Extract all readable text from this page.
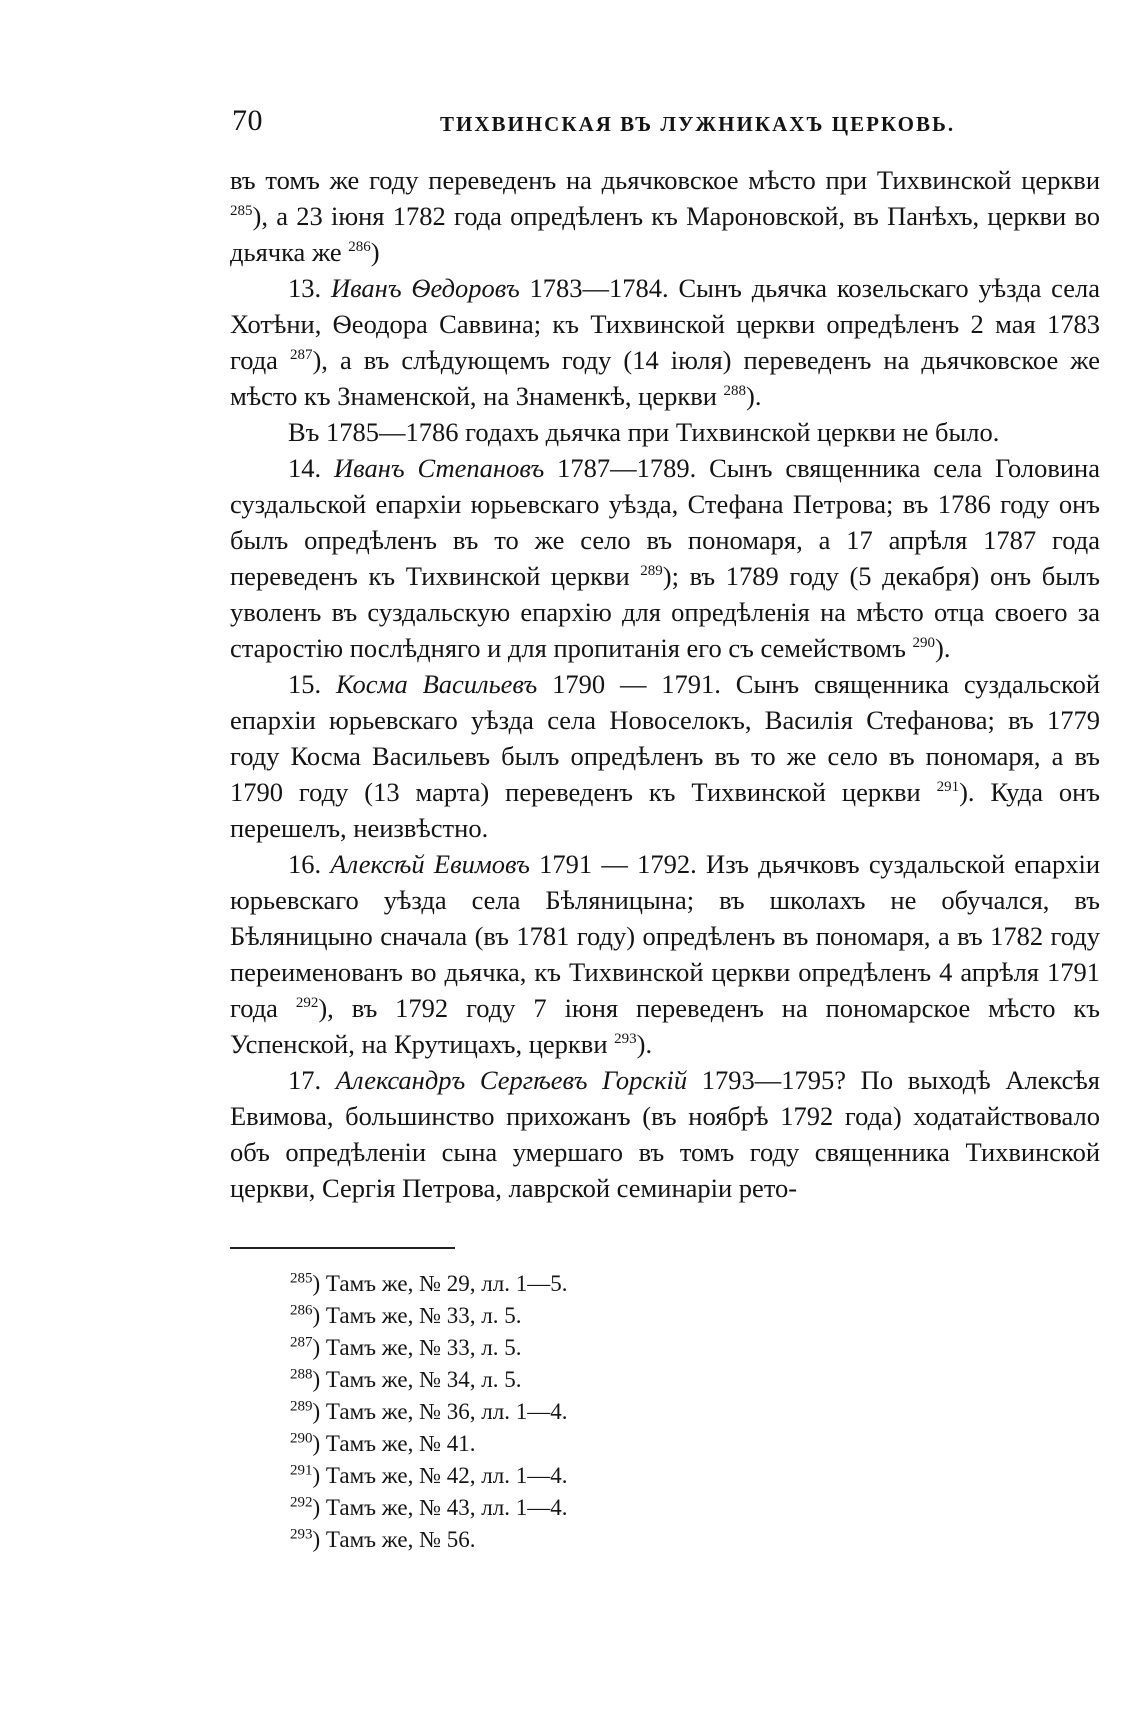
70	ТИХВИНСКАЯ ВЪ ЛУЖНИКАХЪ ЦЕРКОВЬ.

въ томъ же году переведенъ на дьячковское мѣсто при Тихвинской церкви $^{285}$), а 23 іюня 1782 года опредѣленъ къ Мароновской, въ Панѣхъ, церкви во дьячка же $^{286}$)

13. Иванъ Ѳедоровъ 1783—1784. Сынъ дьячка козельскаго уѣзда села Хотѣни, Ѳеодора Саввина; къ Тихвинской церкви опредѣленъ 2 мая 1783 года $^{287}$), а въ слѣдующемъ году (14 іюля) переведенъ на дьячковское же мѣсто къ Знаменской, на Знаменкѣ, церкви $^{288}$).

Въ 1785—1786 годахъ дьячка при Тихвинской церкви не было.

14. Иванъ Степановъ 1787—1789. Сынъ священника села Головина суздальской епархіи юрьевскаго уѣзда, Стефана Петрова; въ 1786 году онъ былъ опредѣленъ въ то же село въ пономаря, а 17 апрѣля 1787 года переведенъ къ Тихвинской церкви $^{289}$); въ 1789 году (5 декабря) онъ былъ уволенъ въ суздальскую епархію для опредѣленія на мѣсто отца своего за старостію послѣдняго и для пропитанія его съ семействомъ $^{290}$).

15. Косма Васильевъ 1790 — 1791. Сынъ священника суздальской епархіи юрьевскаго уѣзда села Новоселокъ, Василія Стефанова; въ 1779 году Косма Васильевъ былъ опредѣленъ въ то же село въ пономаря, а въ 1790 году (13 марта) переведенъ къ Тихвинской церкви $^{291}$). Куда онъ перешелъ, неизвѣстно.

16. Алексѣй Евимовъ 1791 — 1792. Изъ дьячковъ суздальской епархіи юрьевскаго уѣзда села Бѣляницына; въ школахъ не обучался, въ Бѣляницыно сначала (въ 1781 году) опредѣленъ въ пономаря, а въ 1782 году переименованъ во дьячка, къ Тихвинской церкви опредѣленъ 4 апрѣля 1791 года $^{292}$), въ 1792 году 7 іюня переведенъ на пономарское мѣсто къ Успенской, на Крутицахъ, церкви $^{293}$).

17. Александръ Сергѣевъ Горскій 1793—1795? По выходѣ Алексѣя Евимова, большинство прихожанъ (въ ноябрѣ 1792 года) ходатайствовало объ опредѣленіи сына умершаго въ томъ году священника Тихвинской церкви, Сергія Петрова, лаврской семинаріи рето-

$^{285}$) Тамъ же, № 29, лл. 1—5.
$^{286}$) Тамъ же, № 33, л. 5.
$^{287}$) Тамъ же, № 33, л. 5.
$^{288}$) Тамъ же, № 34, л. 5.
$^{289}$) Тамъ же, № 36, лл. 1—4.
$^{290}$) Тамъ же, № 41.
$^{291}$) Тамъ же, № 42, лл. 1—4.
$^{292}$) Тамъ же, № 43, лл. 1—4.
$^{293}$) Тамъ же, № 56.
